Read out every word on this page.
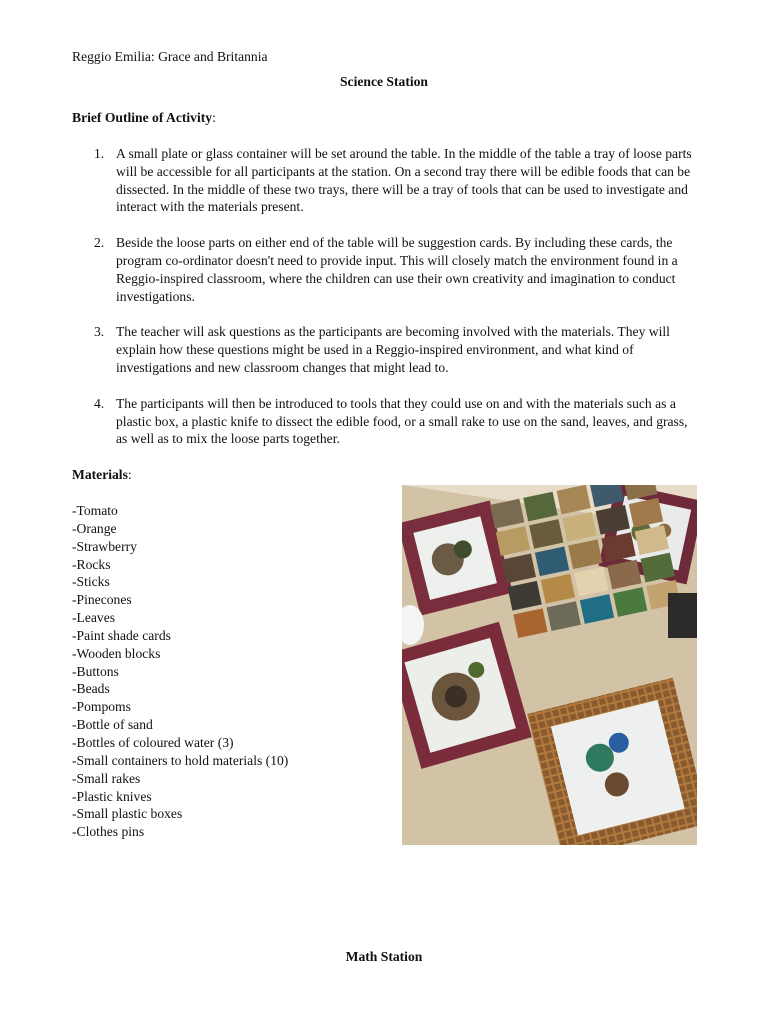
Reggio Emilia: Grace and Britannia
Science Station
Brief Outline of Activity:
1. A small plate or glass container will be set around the table. In the middle of the table a tray of loose parts will be accessible for all participants at the station. On a second tray there will be edible foods that can be dissected. In the middle of these two trays, there will be a tray of tools that can be used to investigate and interact with the materials present.
2. Beside the loose parts on either end of the table will be suggestion cards. By including these cards, the program co-ordinator doesn't need to provide input. This will closely match the environment found in a Reggio-inspired classroom, where the children can use their own creativity and imagination to conduct investigations.
3. The teacher will ask questions as the participants are becoming involved with the materials. They will explain how these questions might be used in a Reggio-inspired environment, and what kind of investigations and new classroom changes that might lead to.
4. The participants will then be introduced to tools that they could use on and with the materials such as a plastic box, a plastic knife to dissect the edible food, or a small rake to use on the sand, leaves, and grass, as well as to mix the loose parts together.
Materials:
-Tomato
-Orange
-Strawberry
-Rocks
-Sticks
-Pinecones
-Leaves
-Paint shade cards
-Wooden blocks
-Buttons
-Beads
-Pompoms
-Bottle of sand
-Bottles of coloured water (3)
-Small containers to hold materials (10)
-Small rakes
-Plastic knives
-Small plastic boxes
-Clothes pins
Math Station
